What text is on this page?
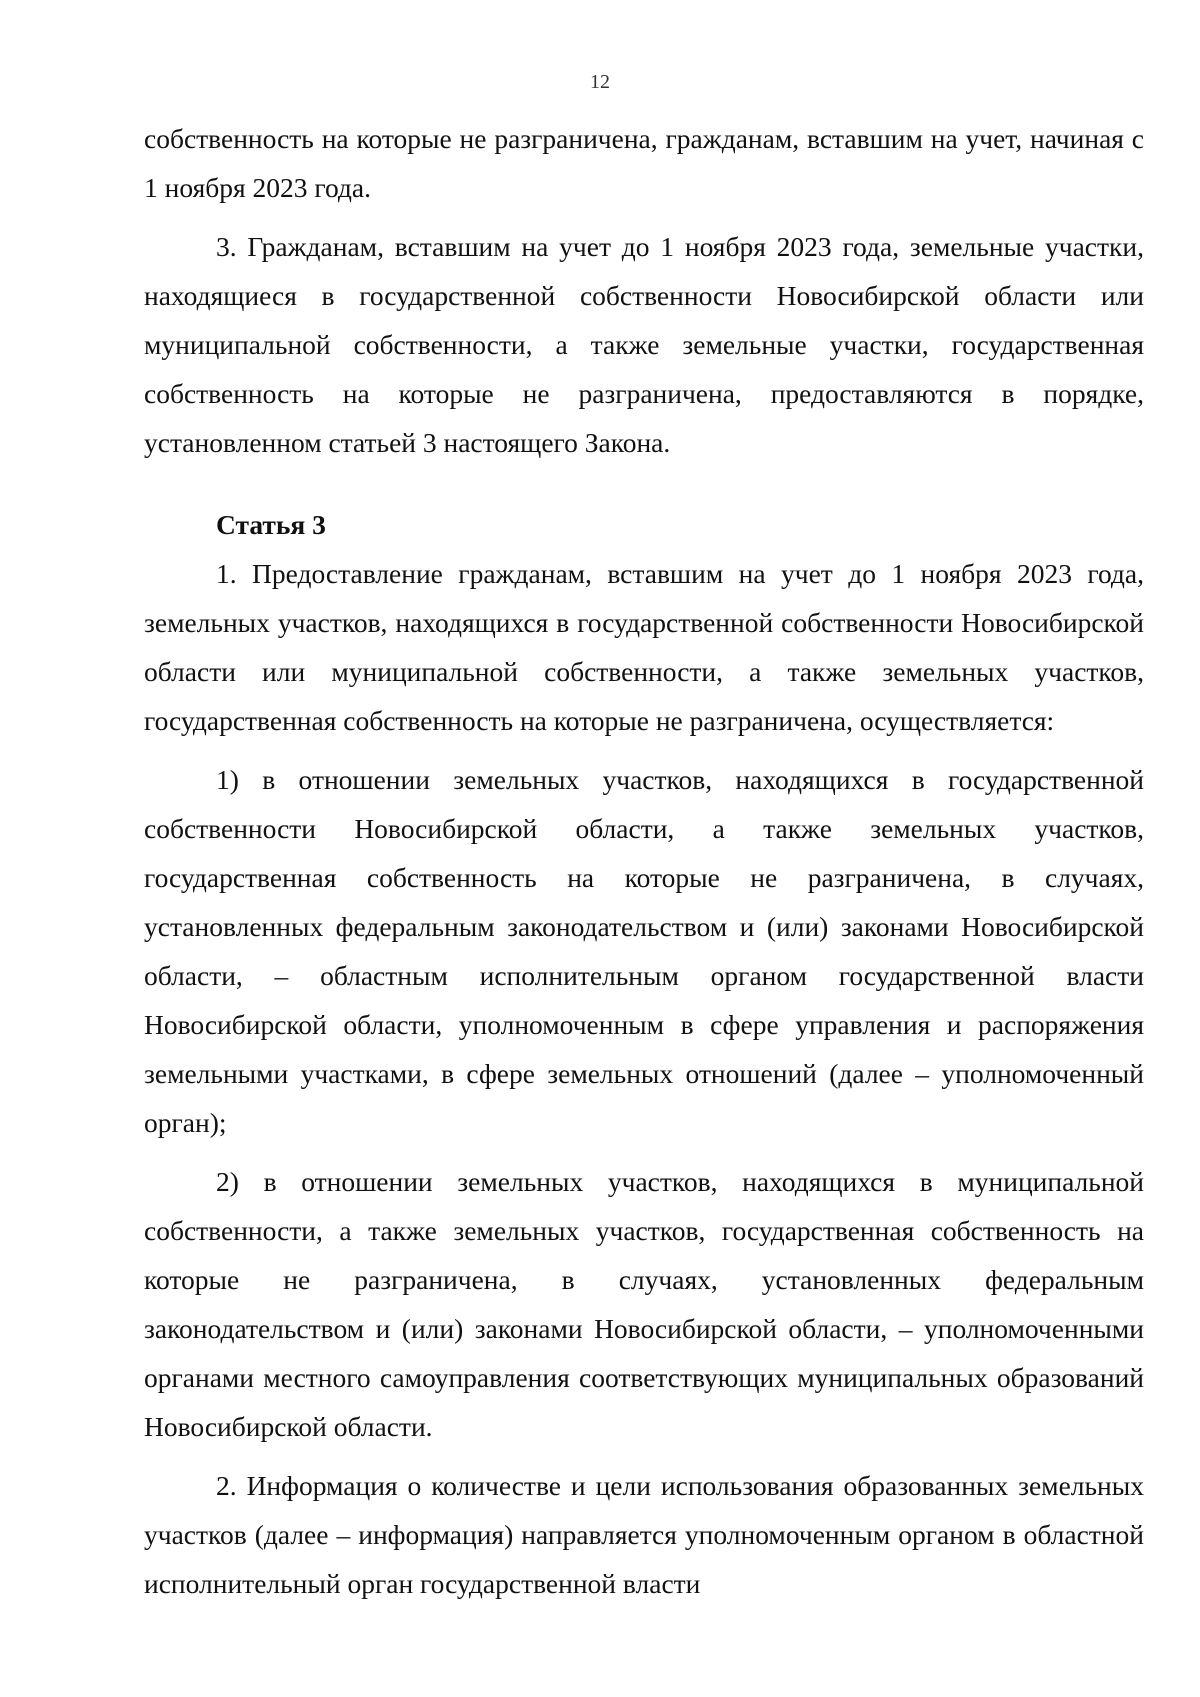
12

собственность на которые не разграничена, гражданам, вставшим на учет, начиная с 1 ноября 2023 года.

3. Гражданам, вставшим на учет до 1 ноября 2023 года, земельные участки, находящиеся в государственной собственности Новосибирской области или муниципальной собственности, а также земельные участки, государственная собственность на которые не разграничена, предоставляются в порядке, установленном статьей 3 настоящего Закона.

Статья 3

1. Предоставление гражданам, вставшим на учет до 1 ноября 2023 года, земельных участков, находящихся в государственной собственности Новосибирской области или муниципальной собственности, а также земельных участков, государственная собственность на которые не разграничена, осуществляется:

1) в отношении земельных участков, находящихся в государственной собственности Новосибирской области, а также земельных участков, государственная собственность на которые не разграничена, в случаях, установленных федеральным законодательством и (или) законами Новосибирской области, – областным исполнительным органом государственной власти Новосибирской области, уполномоченным в сфере управления и распоряжения земельными участками, в сфере земельных отношений (далее – уполномоченный орган);

2) в отношении земельных участков, находящихся в муниципальной собственности, а также земельных участков, государственная собственность на которые не разграничена, в случаях, установленных федеральным законодательством и (или) законами Новосибирской области, – уполномоченными органами местного самоуправления соответствующих муниципальных образований Новосибирской области.

2. Информация о количестве и цели использования образованных земельных участков (далее – информация) направляется уполномоченным органом в областной исполнительный орган государственной власти
